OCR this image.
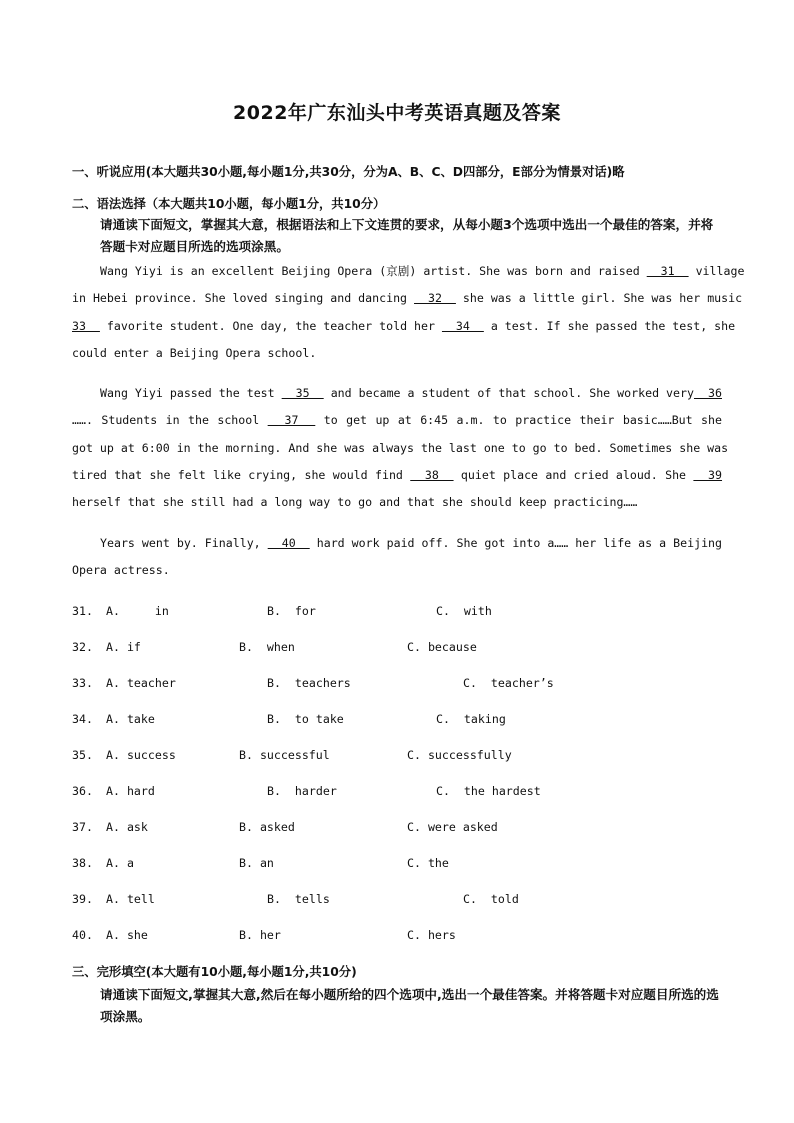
2022年广东汕头中考英语真题及答案
一、听说应用(本大题共30小题,每小题1分,共30分，分为A、B、C、D四部分，E部分为情景对话)略
二、语法选择（本大题共10小题，每小题1分，共10分）
请通读下面短文，掌握其大意，根据语法和上下文连贯的要求，从每小题3个选项中选出一个最佳的答案，并将答题卡对应题目所选的选项涂黑。
Wang Yiyi is an excellent Beijing Opera (京剧) artist. She was born and raised   31   village
in Hebei province. She loved singing and dancing   32   she was a little girl. She was her music
33   favorite student. One day, the teacher told her   34   a test. If she passed the test, she
could enter a Beijing Opera school.
Wang Yiyi passed the test   35   and became a student of that school. She worked very  36
……. Students in the school   37   to get up at 6:45 a.m. to practice their basic……But she
got up at 6:00 in the morning. And she was always the last one to go to bed. Sometimes she was
tired that she felt like crying, she would find   38   quiet place and cried aloud. She   39
herself that she still had a long way to go and that she should keep practicing……
Years went by. Finally,   40   hard work paid off. She got into a…… her life as a Beijing
Opera actress.
31. A.     in	B.  for	C.  with
32. A. if	B.  when	C. because
33. A. teacher	B.  teachers	C.  teacher’s
34. A. take	B.  to take	C.  taking
35. A. success	B. successful	C. successfully
36. A. hard	B.  harder	C.  the hardest
37. A. ask	B. asked	C. were asked
38. A. a	B. an	C. the
39. A. tell	B.  tells	C.  told
40. A. she	B. her	C. hers
三、完形填空(本大题有10小题,每小题1分,共10分)
请通读下面短文,掌握其大意,然后在每小题所给的四个选项中,选出一个最佳答案。并将答题卡对应题目所选的选项涂黑。
